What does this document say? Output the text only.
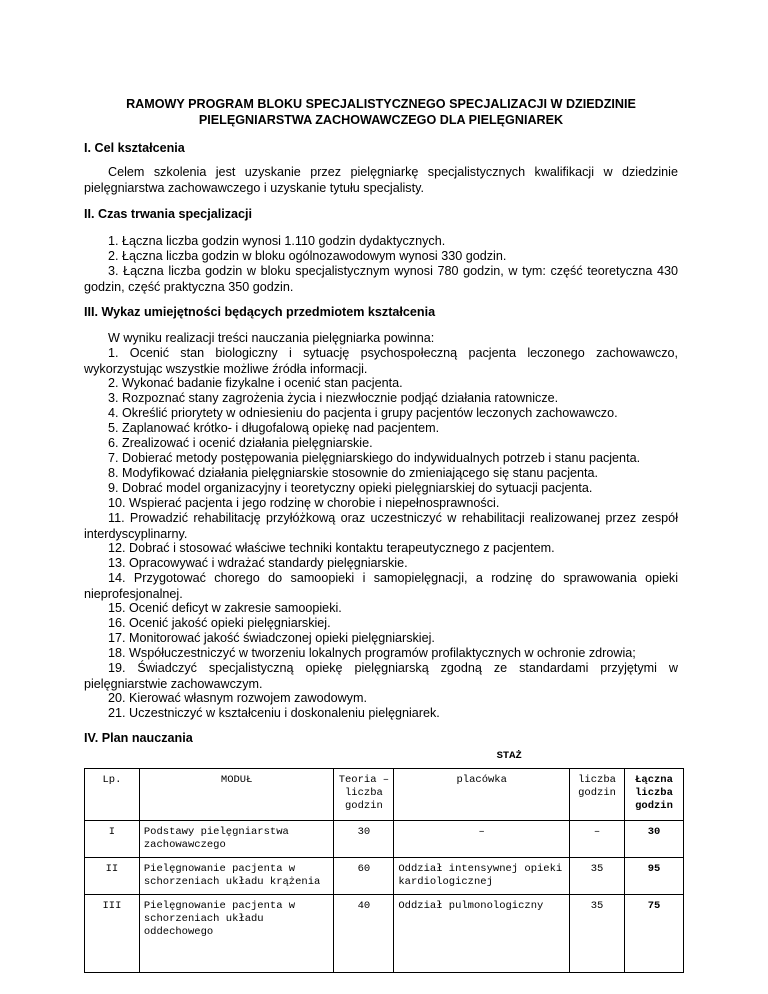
RAMOWY PROGRAM BLOKU SPECJALISTYCZNEGO SPECJALIZACJI W DZIEDZINIE PIELĘGNIARSTWA ZACHOWAWCZEGO DLA PIELĘGNIAREK
I. Cel kształcenia
Celem szkolenia jest uzyskanie przez pielęgniarkę specjalistycznych kwalifikacji w dziedzinie pielęgniarstwa zachowawczego i uzyskanie tytułu specjalisty.
II. Czas trwania specjalizacji
1. Łączna liczba godzin wynosi 1.110 godzin dydaktycznych.
2. Łączna liczba godzin w bloku ogólnozawodowym wynosi 330 godzin.
3. Łączna liczba godzin w bloku specjalistycznym wynosi 780 godzin, w tym: część teoretyczna 430 godzin, część praktyczna 350 godzin.
III. Wykaz umiejętności będących przedmiotem kształcenia
W wyniku realizacji treści nauczania pielęgniarka powinna:
1. Ocenić stan biologiczny i sytuację psychospołeczną pacjenta leczonego zachowawczo, wykorzystując wszystkie możliwe źródła informacji.
2. Wykonać badanie fizykalne i ocenić stan pacjenta.
3. Rozpoznać stany zagrożenia życia i niezwłocznie podjąć działania ratownicze.
4. Określić priorytety w odniesieniu do pacjenta i grupy pacjentów leczonych zachowawczo.
5. Zaplanować krótko- i długofalową opiekę nad pacjentem.
6. Zrealizować i ocenić działania pielęgniarskie.
7. Dobierać metody postępowania pielęgniarskiego do indywidualnych potrzeb i stanu pacjenta.
8. Modyfikować działania pielęgniarskie stosownie do zmieniającego się stanu pacjenta.
9. Dobrać model organizacyjny i teoretyczny opieki pielęgniarskiej do sytuacji pacjenta.
10. Wspierać pacjenta i jego rodzinę w chorobie i niepełnosprawności.
11. Prowadzić rehabilitację przyłóżkową oraz uczestniczyć w rehabilitacji realizowanej przez zespół interdyscyplinarny.
12. Dobrać i stosować właściwe techniki kontaktu terapeutycznego z pacjentem.
13. Opracowywać i wdrażać standardy pielęgniarskie.
14. Przygotować chorego do samoopieki i samopielęgnacji, a rodzinę do sprawowania opieki nieprofesjonalnej.
15. Ocenić deficyt w zakresie samoopieki.
16. Ocenić jakość opieki pielęgniarskiej.
17. Monitorować jakość świadczonej opieki pielęgniarskiej.
18. Współuczestniczyć w tworzeniu lokalnych programów profilaktycznych w ochronie zdrowia;
19. Świadczyć specjalistyczną opiekę pielęgniarską zgodną ze standardami przyjętymi w pielęgniarstwie zachowawczym.
20. Kierować własnym rozwojem zawodowym.
21. Uczestniczyć w kształceniu i doskonaleniu pielęgniarek.
IV. Plan nauczania
			STAŻ		
Lp.	MODUŁ	Teoria – liczba godzin	placówka	liczba godzin	Łączna liczba godzin
I	Podstawy pielęgniarstwa zachowawczego	30	–	–	30
II	Pielęgnowanie pacjenta w schorzeniach układu krążenia	60	Oddział intensywnej opieki kardiologicznej	35	95
III	Pielęgnowanie pacjenta w schorzeniach układu oddechowego	40	Oddział pulmonologiczny	35	75
